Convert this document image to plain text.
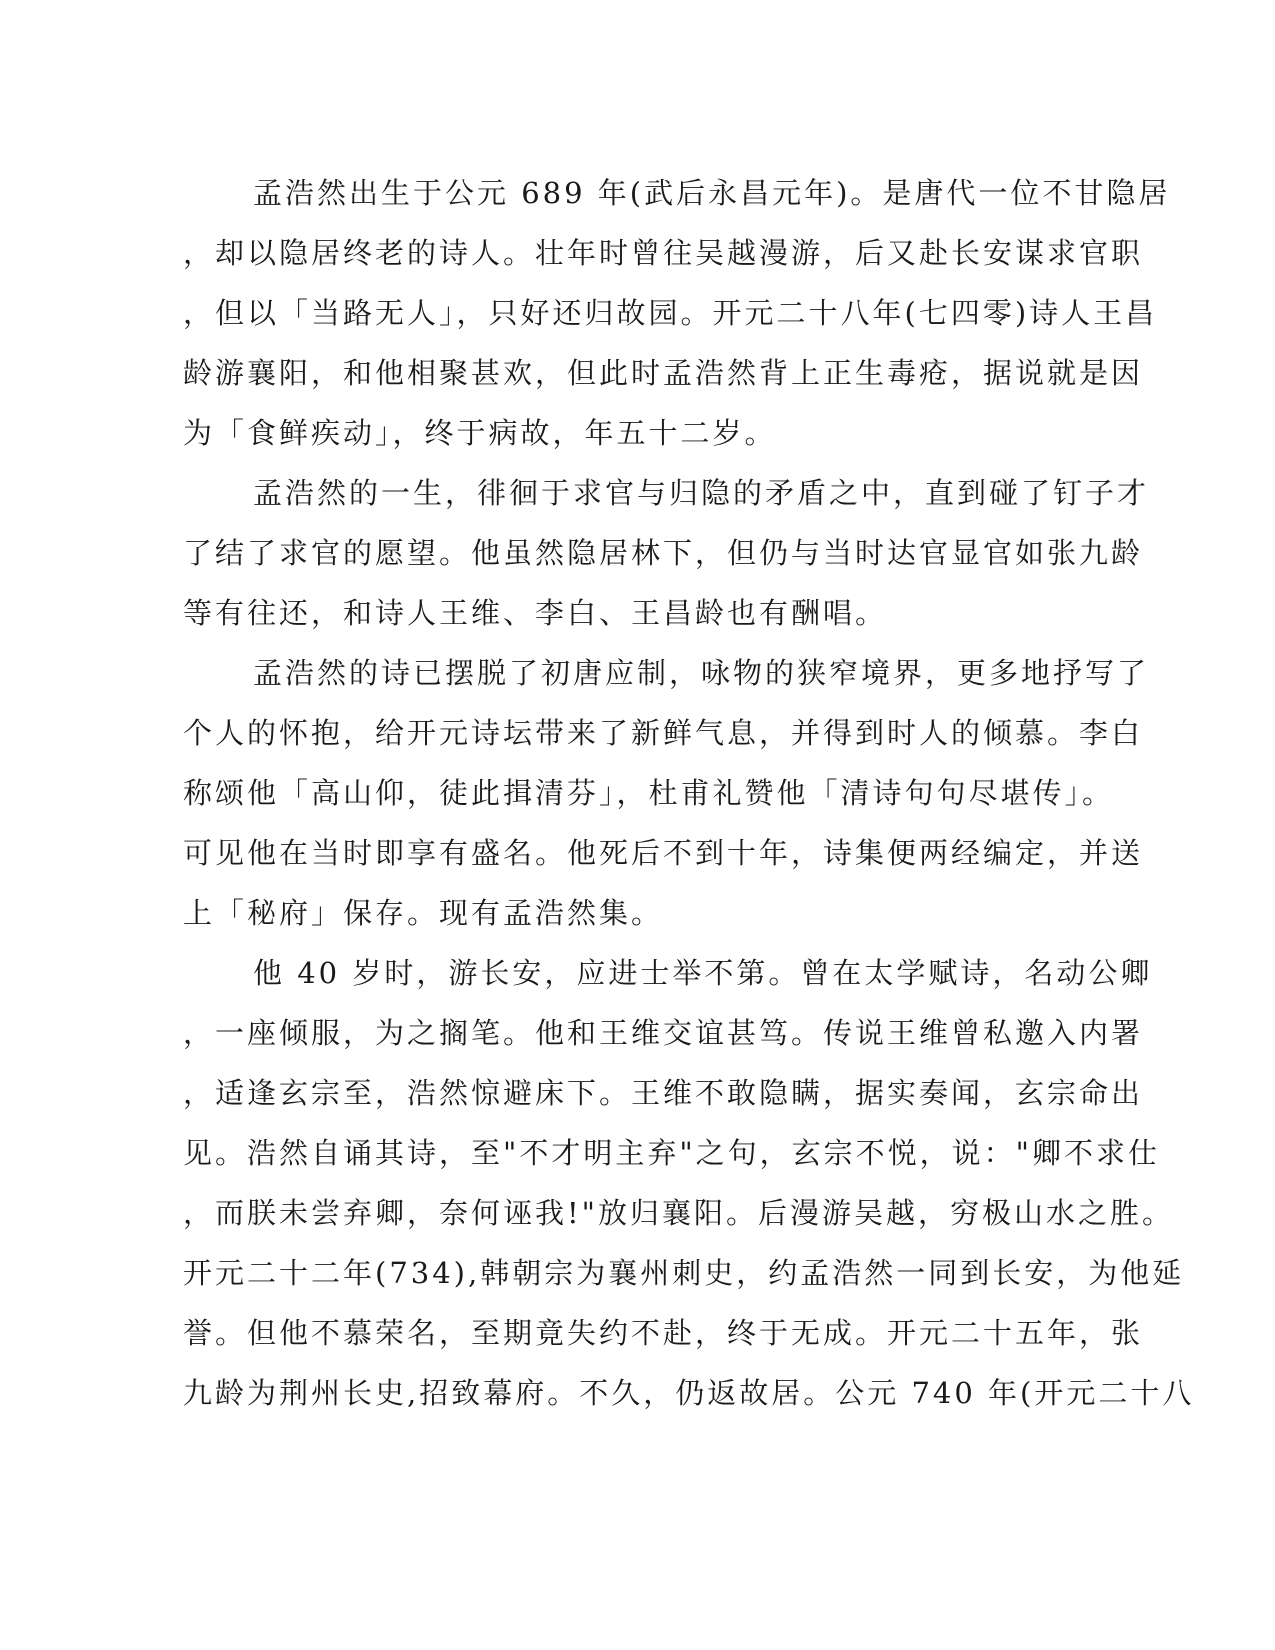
孟浩然出生于公元 689 年(武后永昌元年)。是唐代一位不甘隐居
，却以隐居终老的诗人。壮年时曾往吴越漫游，后又赴长安谋求官职
，但以「当路无人」，只好还归故园。开元二十八年(七四零)诗人王昌
龄游襄阳，和他相聚甚欢，但此时孟浩然背上正生毒疮，据说就是因
为「食鲜疾动」，终于病故，年五十二岁。
孟浩然的一生，徘徊于求官与归隐的矛盾之中，直到碰了钉子才
了结了求官的愿望。他虽然隐居林下，但仍与当时达官显官如张九龄
等有往还，和诗人王维、李白、王昌龄也有酬唱。
孟浩然的诗已摆脱了初唐应制，咏物的狭窄境界，更多地抒写了
个人的怀抱，给开元诗坛带来了新鲜气息，并得到时人的倾慕。李白
称颂他「高山仰，徒此揖清芬」，杜甫礼赞他「清诗句句尽堪传」。
可见他在当时即享有盛名。他死后不到十年，诗集便两经编定，并送
上「秘府」保存。现有孟浩然集。
他 40 岁时，游长安，应进士举不第。曾在太学赋诗，名动公卿
，一座倾服，为之搁笔。他和王维交谊甚笃。传说王维曾私邀入内署
，适逢玄宗至，浩然惊避床下。王维不敢隐瞒，据实奏闻，玄宗命出
见。浩然自诵其诗，至"不才明主弃"之句，玄宗不悦，说："卿不求仕
，而朕未尝弃卿，奈何诬我!"放归襄阳。后漫游吴越，穷极山水之胜。
开元二十二年(734),韩朝宗为襄州刺史，约孟浩然一同到长安，为他延
誉。但他不慕荣名，至期竟失约不赴，终于无成。开元二十五年，张
九龄为荆州长史,招致幕府。不久，仍返故居。公元 740 年(开元二十八
